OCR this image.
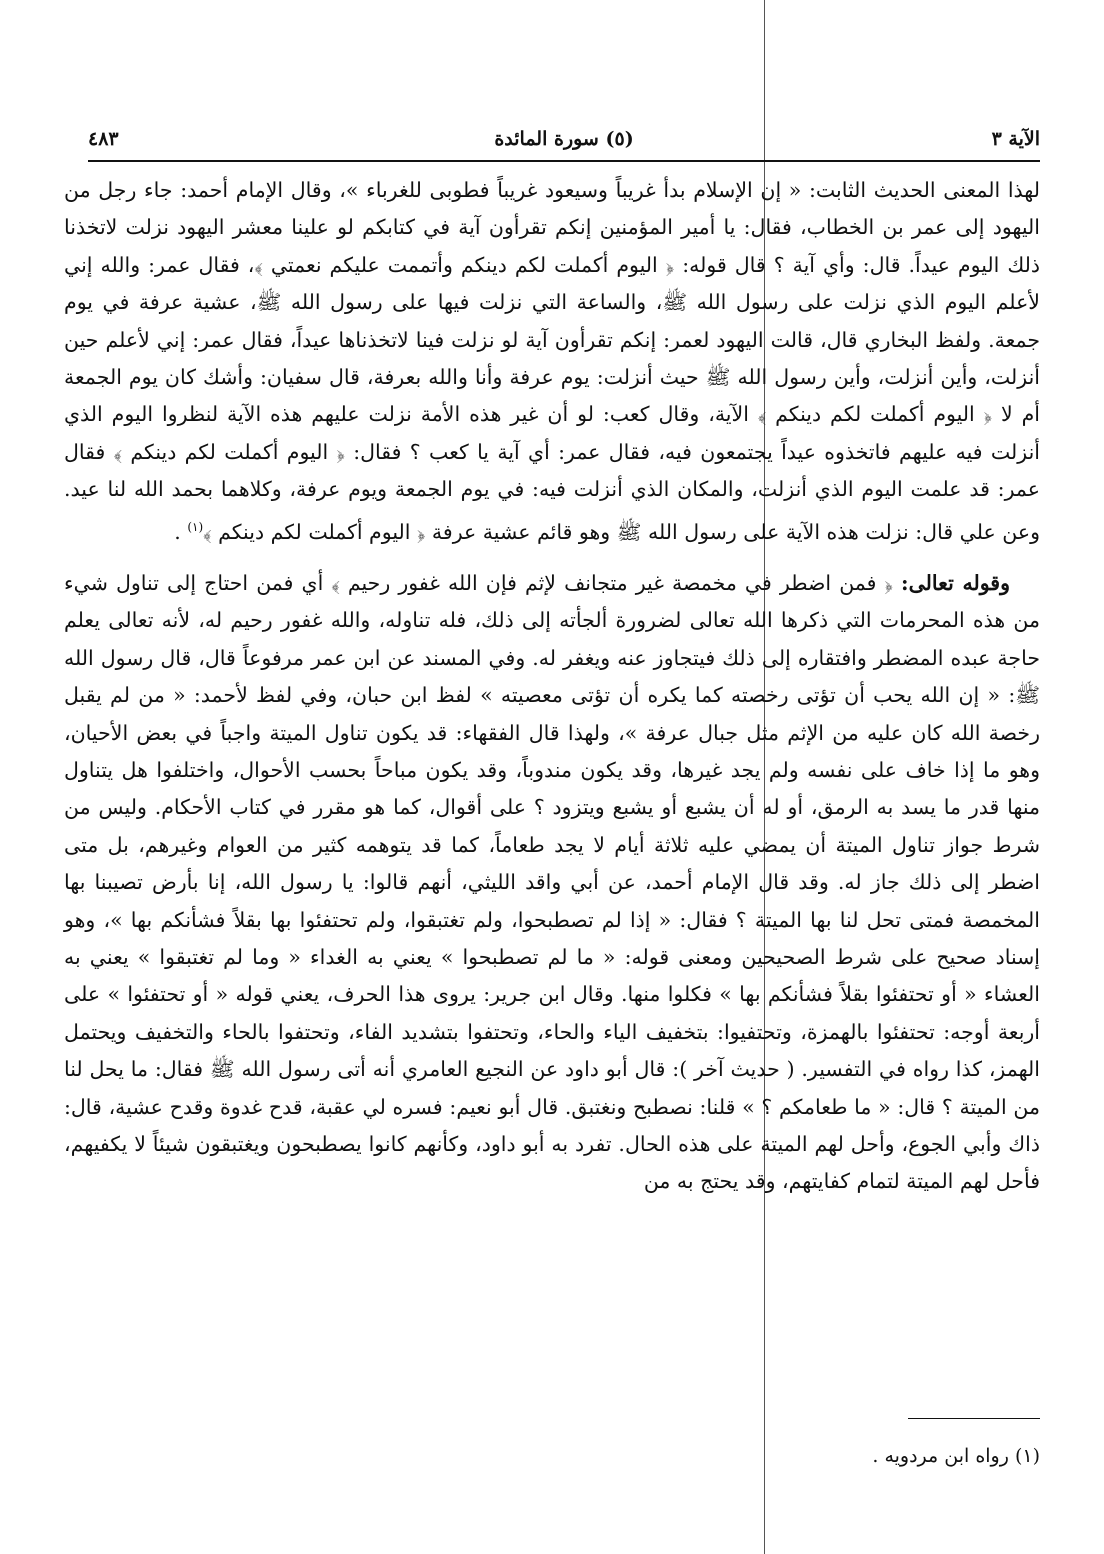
الآية ٣
(٥) سورة المائدة
٤٨٣

لهذا المعنى الحديث الثابت: « إن الإسلام بدأ غريباً وسيعود غريباً فطوبى للغرباء »، وقال الإمام أحمد: جاء رجل من اليهود إلى عمر بن الخطاب، فقال: يا أمير المؤمنين إنكم تقرأون آية في كتابكم لو علينا معشر اليهود نزلت لاتخذنا ذلك اليوم عيداً. قال: وأي آية ؟ قال قوله: ﴿ اليوم أكملت لكم دينكم وأتممت عليكم نعمتي ﴾، فقال عمر: والله إني لأعلم اليوم الذي نزلت على رسول الله ﷺ، والساعة التي نزلت فيها على رسول الله ﷺ، عشية عرفة في يوم جمعة. ولفظ البخاري قال، قالت اليهود لعمر: إنكم تقرأون آية لو نزلت فينا لاتخذناها عيداً، فقال عمر: إني لأعلم حين أنزلت، وأين أنزلت، وأين رسول الله ﷺ حيث أنزلت: يوم عرفة وأنا والله بعرفة، قال سفيان: وأشك كان يوم الجمعة أم لا ﴿ اليوم أكملت لكم دينكم ﴾ الآية، وقال كعب: لو أن غير هذه الأمة نزلت عليهم هذه الآية لنظروا اليوم الذي أنزلت فيه عليهم فاتخذوه عيداً يجتمعون فيه، فقال عمر: أي آية يا كعب ؟ فقال: ﴿ اليوم أكملت لكم دينكم ﴾ فقال عمر: قد علمت اليوم الذي أنزلت، والمكان الذي أنزلت فيه: في يوم الجمعة ويوم عرفة، وكلاهما بحمد الله لنا عيد. وعن علي قال: نزلت هذه الآية على رسول الله ﷺ وهو قائم عشية عرفة ﴿ اليوم أكملت لكم دينكم ﴾$^{(١)}$ .

وقوله تعالى: ﴿ فمن اضطر في مخمصة غير متجانف لإثم فإن الله غفور رحيم ﴾ أي فمن احتاج إلى تناول شيء من هذه المحرمات التي ذكرها الله تعالى لضرورة ألجأته إلى ذلك، فله تناوله، والله غفور رحيم له، لأنه تعالى يعلم حاجة عبده المضطر وافتقاره إلى ذلك فيتجاوز عنه ويغفر له. وفي المسند عن ابن عمر مرفوعاً قال، قال رسول الله ﷺ: « إن الله يحب أن تؤتى رخصته كما يكره أن تؤتى معصيته » لفظ ابن حبان، وفي لفظ لأحمد: « من لم يقبل رخصة الله كان عليه من الإثم مثل جبال عرفة »، ولهذا قال الفقهاء: قد يكون تناول الميتة واجباً في بعض الأحيان، وهو ما إذا خاف على نفسه ولم يجد غيرها، وقد يكون مندوباً، وقد يكون مباحاً بحسب الأحوال، واختلفوا هل يتناول منها قدر ما يسد به الرمق، أو له أن يشبع أو يشبع ويتزود ؟ على أقوال، كما هو مقرر في كتاب الأحكام. وليس من شرط جواز تناول الميتة أن يمضي عليه ثلاثة أيام لا يجد طعاماً، كما قد يتوهمه كثير من العوام وغيرهم، بل متى اضطر إلى ذلك جاز له. وقد قال الإمام أحمد، عن أبي واقد الليثي، أنهم قالوا: يا رسول الله، إنا بأرض تصيبنا بها المخمصة فمتى تحل لنا بها الميتة ؟ فقال: « إذا لم تصطبحوا، ولم تغتبقوا، ولم تحتفئوا بها بقلاً فشأنكم بها »، وهو إسناد صحيح على شرط الصحيحين ومعنى قوله: « ما لم تصطبحوا » يعني به الغداء « وما لم تغتبقوا » يعني به العشاء « أو تحتفئوا بقلاً فشأنكم بها » فكلوا منها. وقال ابن جرير: يروى هذا الحرف، يعني قوله « أو تحتفئوا » على أربعة أوجه: تحتفئوا بالهمزة، وتحتفيوا: بتخفيف الياء والحاء، وتحتفوا بتشديد الفاء، وتحتفوا بالحاء والتخفيف ويحتمل الهمز، كذا رواه في التفسير. ( حديث آخر ): قال أبو داود عن النجيع العامري أنه أتى رسول الله ﷺ فقال: ما يحل لنا من الميتة ؟ قال: « ما طعامكم ؟ » قلنا: نصطبح ونغتبق. قال أبو نعيم: فسره لي عقبة، قدح غدوة وقدح عشية، قال: ذاك وأبي الجوع، وأحل لهم الميتة على هذه الحال. تفرد به أبو داود، وكأنهم كانوا يصطبحون ويغتبقون شيئاً لا يكفيهم، فأحل لهم الميتة لتمام كفايتهم، وقد يحتج به من

(١) رواه ابن مردويه .
